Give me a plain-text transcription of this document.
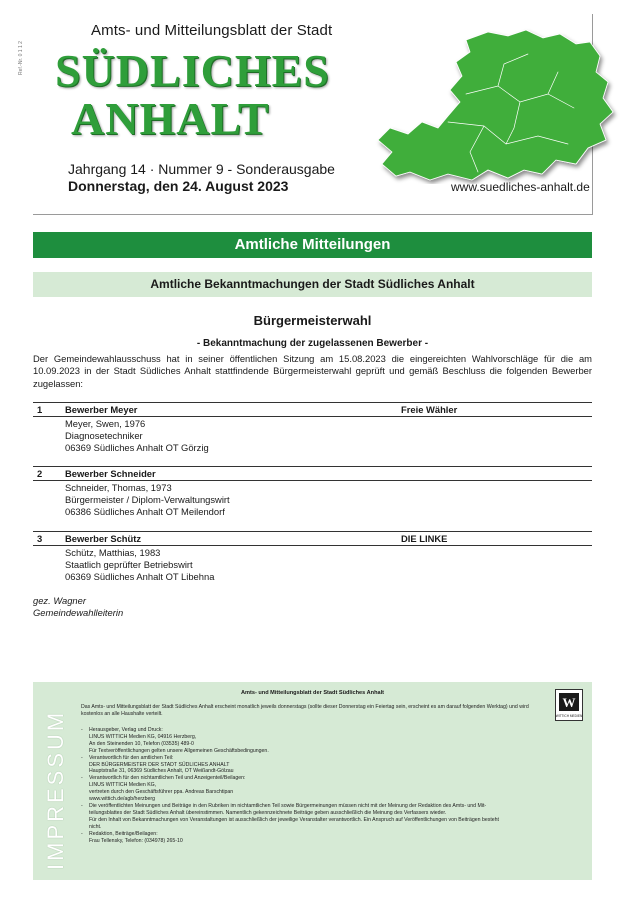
Amts- und Mitteilungsblatt der Stadt
SÜDLICHES
ANHALT
Jahrgang 14 · Nummer 9 - Sonderausgabe
Donnerstag, den 24. August 2023	www.suedliches-anhalt.de
Ref.-Nr. 0 1 1 2
Amtliche Mitteilungen
Amtliche Bekanntmachungen der Stadt Südliches Anhalt
Bürgermeisterwahl
- Bekanntmachung der zugelassenen Bewerber -
Der Gemeindewahlausschuss hat in seiner öffentlichen Sitzung am 15.08.2023 die eingereichten Wahlvorschläge für die am 10.09.2023 in der Stadt Südliches Anhalt stattfindende Bürgermeisterwahl geprüft und gemäß Beschluss die folgenden Bewerber zugelassen:
1 Bewerber Meyer	Freie Wähler
Meyer, Swen, 1976
Diagnosetechniker
06369 Südliches Anhalt OT Görzig
2 Bewerber Schneider
Schneider, Thomas, 1973
Bürgermeister / Diplom-Verwaltungswirt
06386 Südliches Anhalt OT Meilendorf
3 Bewerber Schütz	DIE LINKE
Schütz, Matthias, 1983
Staatlich geprüfter Betriebswirt
06369 Südliches Anhalt OT Libehna
gez. Wagner
Gemeindewahlleiterin
IMPRESSUM
Amts- und Mitteilungsblatt der Stadt Südliches Anhalt
W
WITTICH MEDIEN
Das Amts- und Mitteilungsblatt der Stadt Südliches Anhalt erscheint monatlich jeweils donnerstags (sollte dieser Donnerstag ein Feiertag sein, erscheint es am darauf folgenden Werktag) und wird kostenlos an alle Haushalte verteilt.
- Herausgeber, Verlag und Druck:
LINUS WITTICH Medien KG, 04916 Herzberg,
An den Steinenden 10, Telefon (03535) 489-0
Für Textveröffentlichungen gelten unsere Allgemeinen Geschäftsbedingungen.
- Verantwortlich für den amtlichen Teil:
DER BÜRGERMEISTER DER STADT SÜDLICHES ANHALT
Hauptstraße 31, 06369 Südliches Anhalt, OT Weißandt-Gölzau
- Verantwortlich für den nichtamtlichen Teil und Anzeigenteil/Beilagen:
LINUS WITTICH Medien KG,
vertreten durch den Geschäftsführer ppa. Andreas Barschtipan
www.wittich.de/agb/herzberg
- Die veröffentlichten Meinungen und Beiträge in den Rubriken im nichtamtlichen Teil sowie Bürgermeinungen müssen nicht mit der Meinung der Redaktion des Amts- und Mit-
teilungsblattes der Stadt Südliches Anhalt übereinstimmen. Namentlich gekennzeichnete Beiträge geben ausschließlich die Meinung des Verfassers wieder.
Für den Inhalt von Bekanntmachungen von Veranstaltungen ist ausschließlich der jeweilige Veranstalter verantwortlich. Ein Anspruch auf Veröffentlichungen von Beiträgen besteht
nicht.
- Redaktion, Beiträge/Beilagen:
Frau Tellensky, Telefon: (034978) 265-10
